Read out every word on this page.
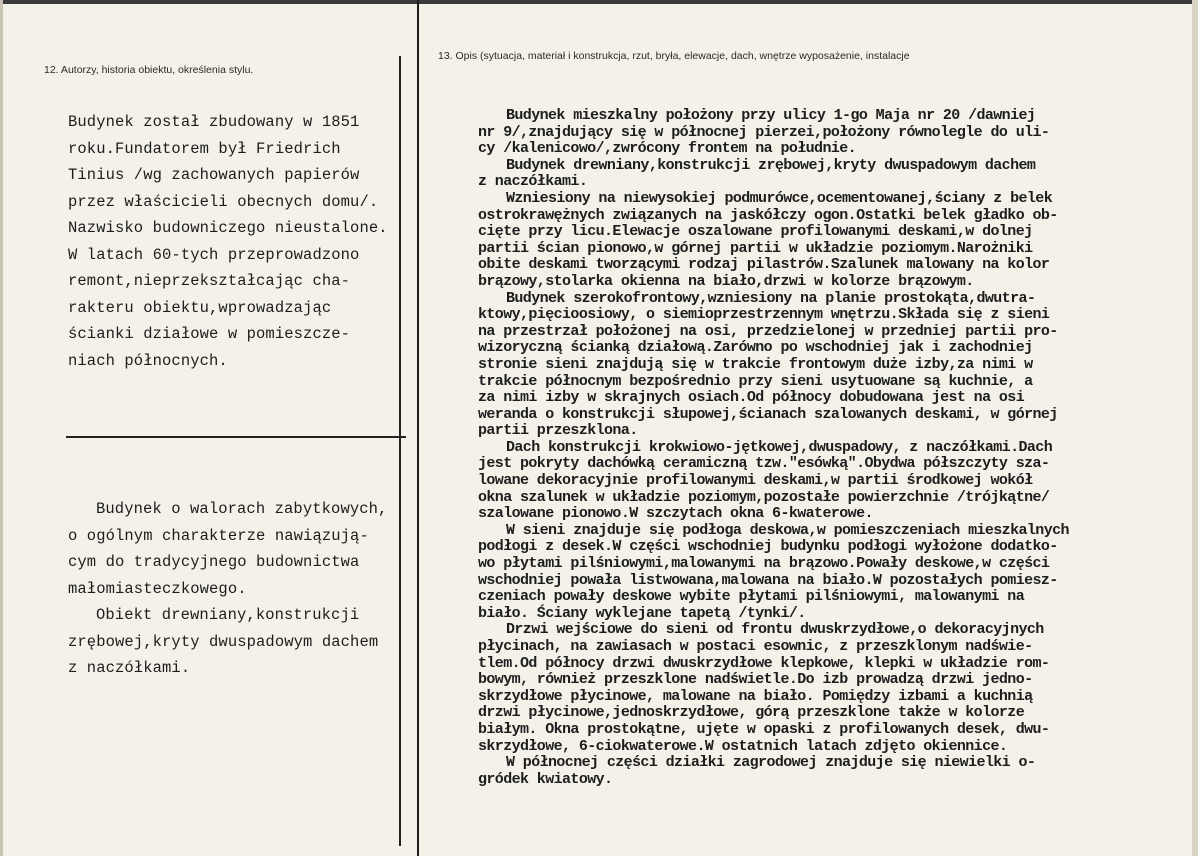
12. Autorzy, historia obiektu, określenia stylu.
13. Opis (sytuacja, materiał i konstrukcja, rzut, bryła, elewacje, dach, wnętrze wyposażenie, instalacje

Budynek został zbudowany w 1851
roku.Fundatorem był Friedrich
Tinius /wg zachowanych papierów
przez właścicieli obecnych domu/.
Nazwisko budowniczego nieustalone.
W latach 60-tych przeprowadzono
remont,nieprzekształcając cha-
rakteru obiektu,wprowadzając
ścianki działowe w pomieszcze-
niach północnych.

Budynek o walorach zabytkowych,

o ogólnym charakterze nawiązują-
cym do tradycyjnego budownictwa
małomiasteczkowego.

Obiekt drewniany,konstrukcji

zrębowej,kryty dwuspadowym dachem
z naczółkami.

Budynek mieszkalny położony przy ulicy 1-go Maja nr 20 /dawniej

nr 9/,znajdujący się w północnej pierzei,położony równolegle do uli-
cy /kalenicowo/,zwrócony frontem na południe.

Budynek drewniany,konstrukcji zrębowej,kryty dwuspadowym dachem

z naczółkami.

Wzniesiony na niewysokiej podmurówce,ocementowanej,ściany z belek

ostrokrawężnych związanych na jaskółczy ogon.Ostatki belek gładko ob-
cięte przy licu.Elewacje oszalowane profilowanymi deskami,w dolnej
partii ścian pionowo,w górnej partii w układzie poziomym.Narożniki
obite deskami tworzącymi rodzaj pilastrów.Szalunek malowany na kolor
brązowy,stolarka okienna na biało,drzwi w kolorze brązowym.

Budynek szerokofrontowy,wzniesiony na planie prostokąta,dwutra-

ktowy,pięcioosiowy, o siemioprzestrzennym wnętrzu.Składa się z sieni
na przestrzał położonej na osi, przedzielonej w przedniej partii pro-
wizoryczną ścianką działową.Zarówno po wschodniej jak i zachodniej
stronie sieni znajdują się w trakcie frontowym duże izby,za nimi w
trakcie północnym bezpośrednio przy sieni usytuowane są kuchnie, a
za nimi izby w skrajnych osiach.Od północy dobudowana jest na osi
weranda o konstrukcji słupowej,ścianach szalowanych deskami, w górnej
partii przeszklona.

Dach konstrukcji krokwiowo-jętkowej,dwuspadowy, z naczółkami.Dach

jest pokryty dachówką ceramiczną tzw."esówką".Obydwa półszczyty sza-
lowane dekoracyjnie profilowanymi deskami,w partii środkowej wokół
okna szalunek w układzie poziomym,pozostałe powierzchnie /trójkątne/
szalowane pionowo.W szczytach okna 6-kwaterowe.

W sieni znajduje się podłoga deskowa,w pomieszczeniach mieszkalnych

podłogi z desek.W części wschodniej budynku podłogi wyłożone dodatko-
wo płytami pilśniowymi,malowanymi na brązowo.Powały deskowe,w części
wschodniej powała listwowana,malowana na biało.W pozostałych pomiesz-
czeniach powały deskowe wybite płytami pilśniowymi, malowanymi na
biało. Ściany wyklejane tapetą /tynki/.

Drzwi wejściowe do sieni od frontu dwuskrzydłowe,o dekoracyjnych

płycinach, na zawiasach w postaci esownic, z przeszklonym nadświe-
tlem.Od północy drzwi dwuskrzydłowe klepkowe, klepki w układzie rom-
bowym, również przeszklone nadświetle.Do izb prowadzą drzwi jedno-
skrzydłowe płycinowe, malowane na biało. Pomiędzy izbami a kuchnią
drzwi płycinowe,jednoskrzydłowe, górą przeszklone także w kolorze
białym. Okna prostokątne, ujęte w opaski z profilowanych desek, dwu-
skrzydłowe, 6-ciokwaterowe.W ostatnich latach zdjęto okiennice.

W północnej części działki zagrodowej znajduje się niewielki o-

gródek kwiatowy.
